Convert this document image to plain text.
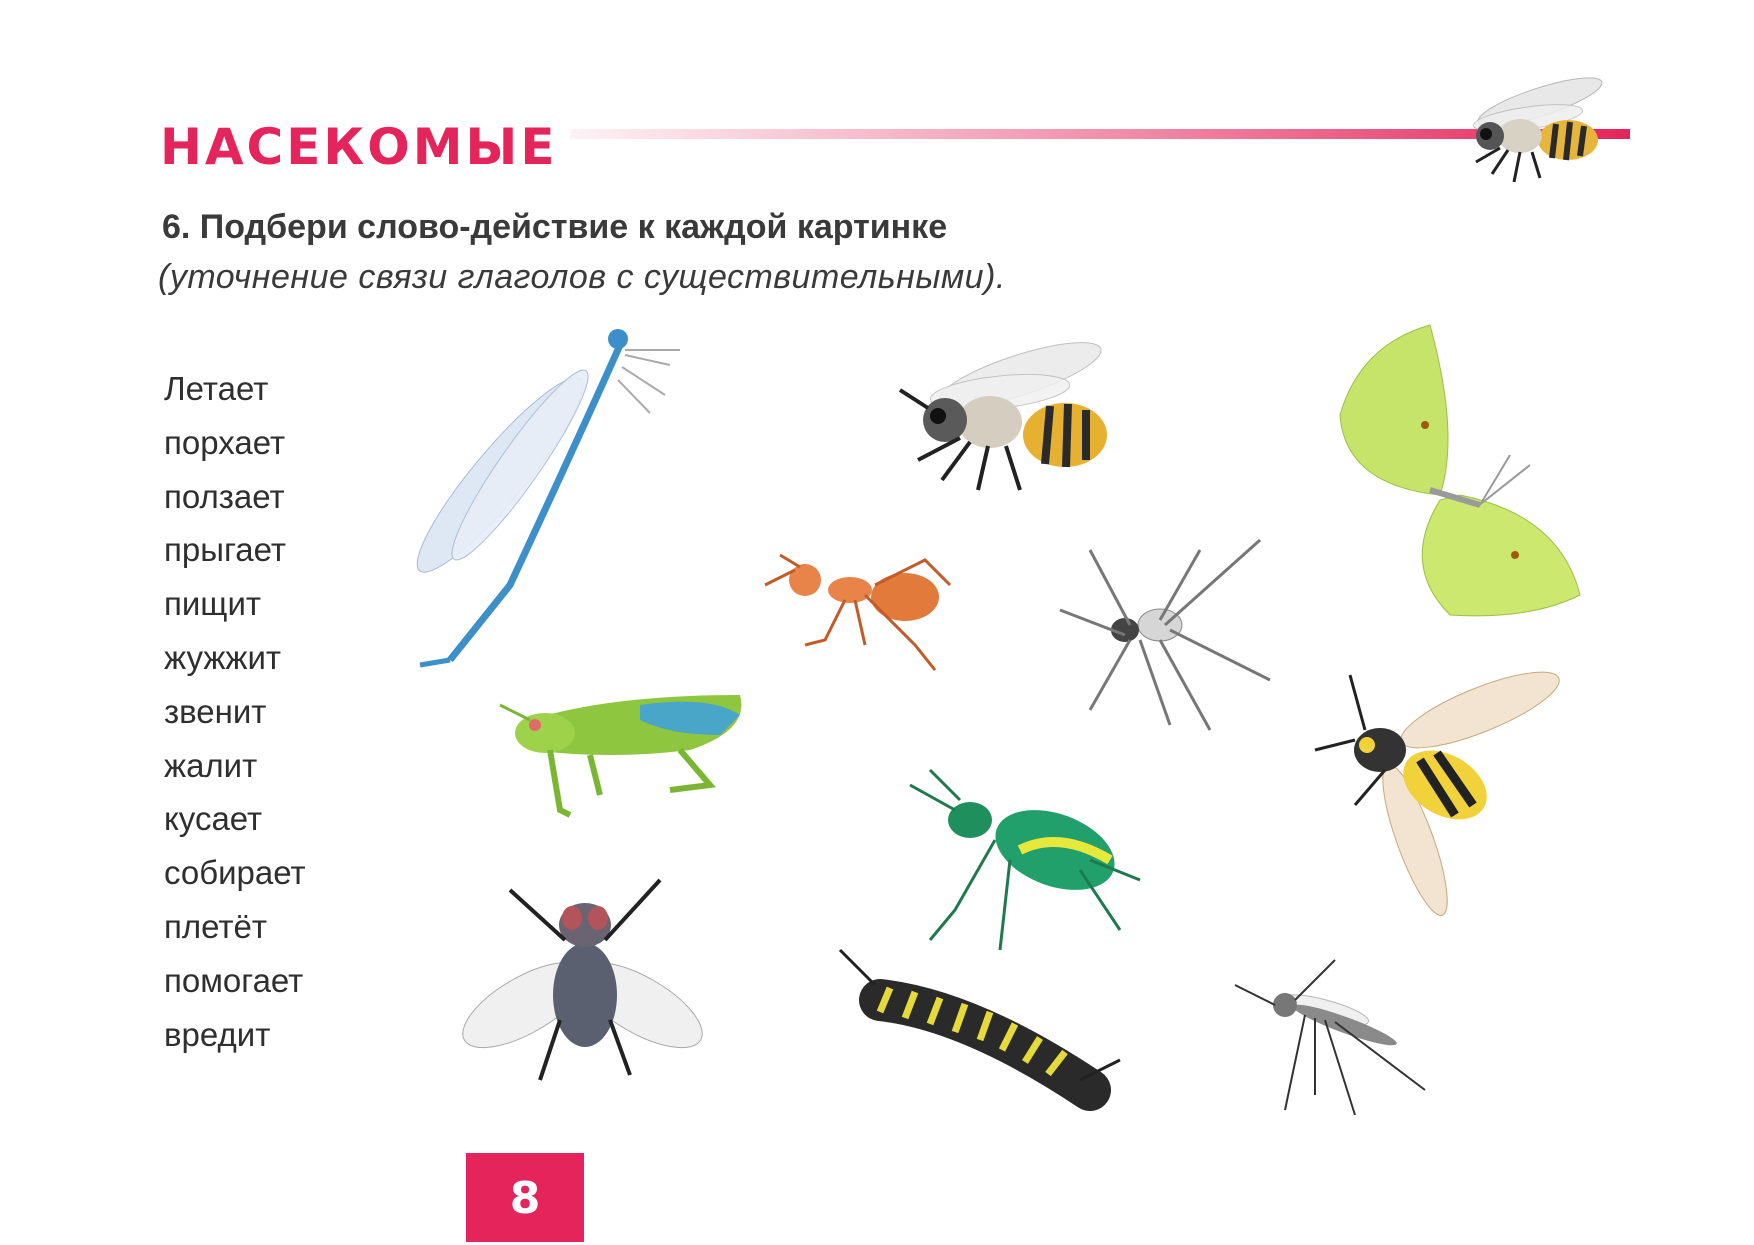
НАСЕКОМЫЕ
6. Подбери слово-действие к каждой картинке
(уточнение связи глаголов с существительными).
Летает
порхает
ползает
прыгает
пищит
жужжит
звенит
жалит
кусает
собирает
плетёт
помогает
вредит
8
